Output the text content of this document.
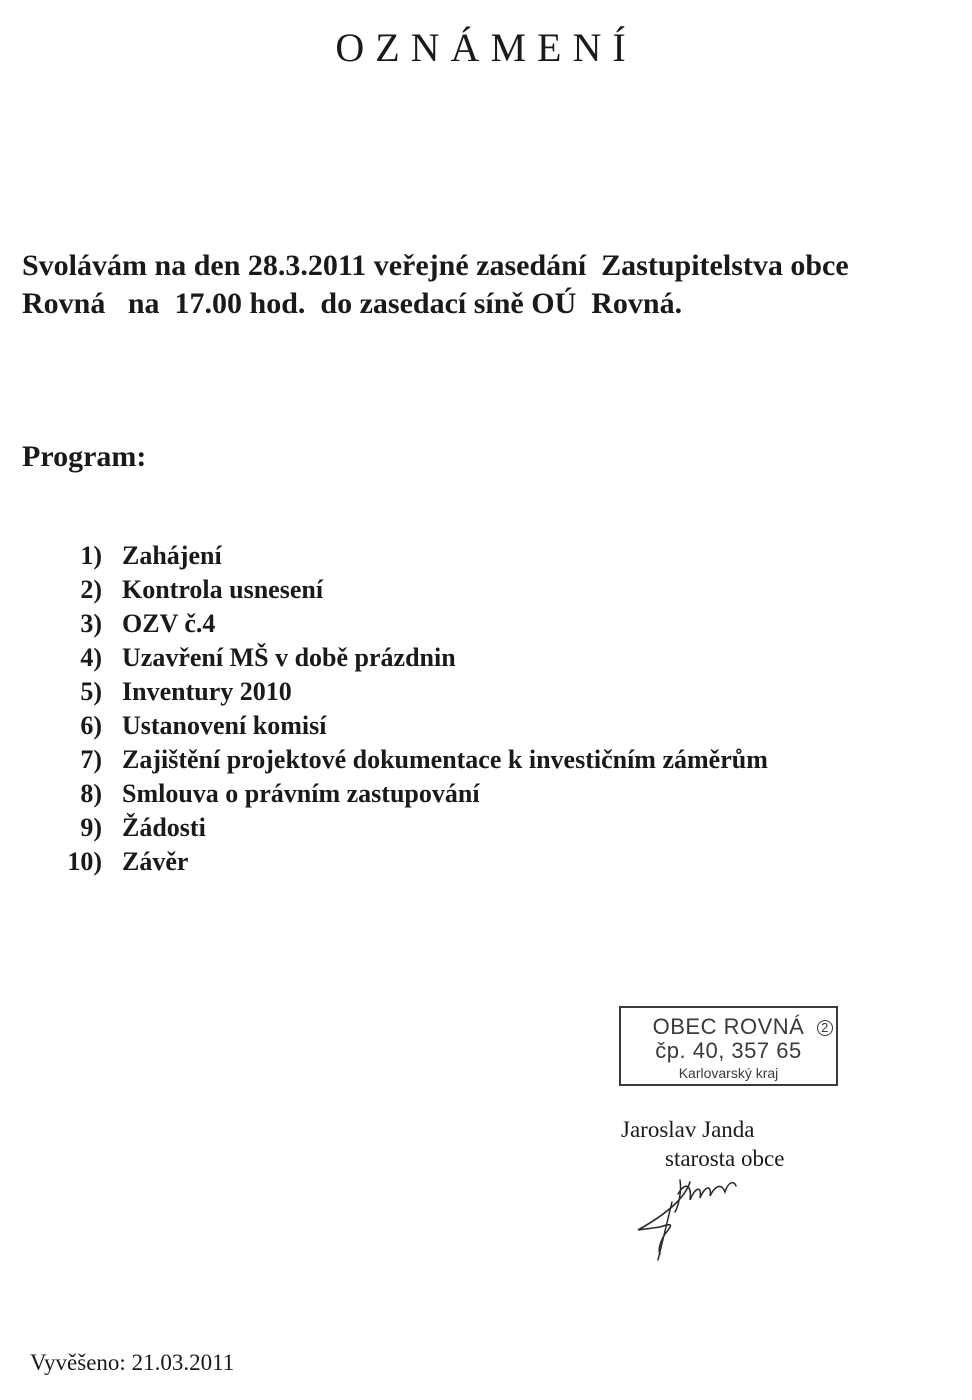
OZNÁMENÍ
Svolávám na den 28.3.2011 veřejné zasedání  Zastupitelstva obce
Rovná   na  17.00 hod.  do zasedací síně OÚ  Rovná.
Program:
1) Zahájení
2) Kontrola usnesení
3) OZV č.4
4) Uzavření MŠ v době prázdnin
5) Inventury 2010
6) Ustanovení komisí
7) Zajištění projektové dokumentace k investičním záměrům
8) Smlouva o právním zastupování
9) Žádosti
10) Závěr
OBEC ROVNÁ	2
čp. 40, 357 65
Karlovarský kraj
Jaroslav Janda
starosta obce
Vyvěšeno: 21.03.2011
